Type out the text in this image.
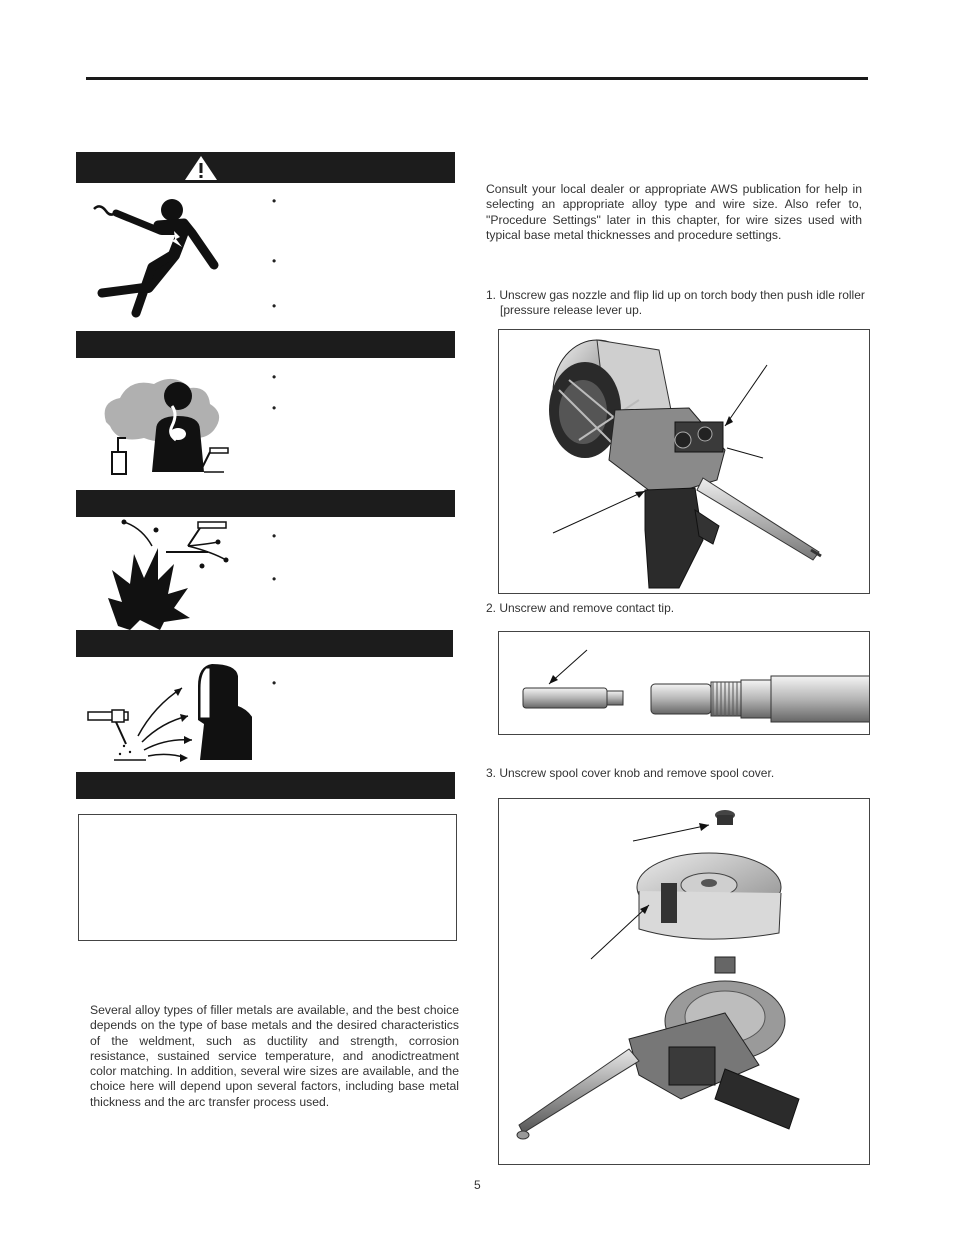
•
•
•
•
•
•
•
•
Several alloy types of filler metals are available, and the best choice depends on the type of base metals and the desired characteristics of the weldment, such as ductility and strength, corrosion resistance, sustained service temperature, and anodictreatment color matching. In addition, several wire sizes are available, and the choice here will depend upon several factors, including base metal thickness and the arc transfer process used.
Consult your local dealer or appropriate AWS publication for help in selecting an appropriate alloy type and wire size. Also refer to, "Procedure Settings" later in this chapter, for wire sizes used with typical base metal thicknesses and procedure settings.
1. Unscrew gas nozzle and flip lid up on torch body then push idle roller [pressure release lever up.
2. Unscrew and remove contact tip.
3. Unscrew spool cover knob and remove spool cover.
5
